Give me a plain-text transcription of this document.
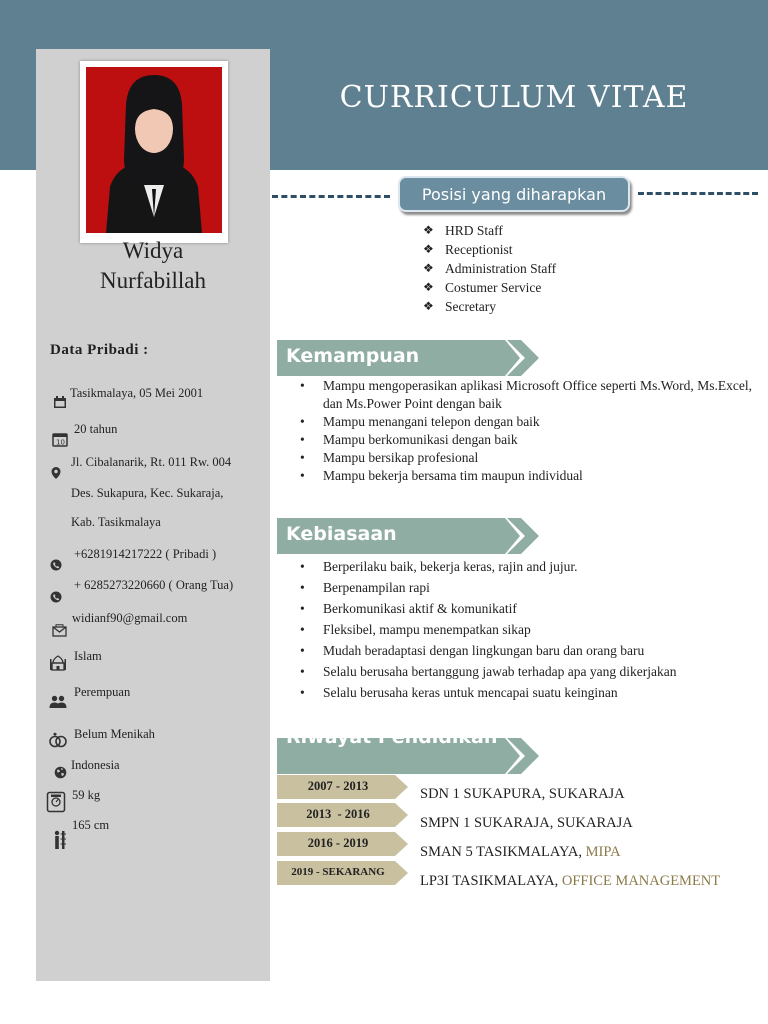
CURRICULUM VITAE
Widya
Nurfabillah
Data Pribadi :
Tasikmalaya, 05 Mei 2001
10
20 tahun
Jl. Cibalanarik, Rt. 011 Rw. 004
Des. Sukapura, Kec. Sukaraja,
Kab. Tasikmalaya
+6281914217222 ( Pribadi )
+ 6285273220660 ( Orang Tua)
widianf90@gmail.com
Islam
Perempuan
Belum Menikah
Indonesia
59 kg
165 cm
Posisi yang diharapkan
❖ HRD Staff
❖ Receptionist
❖ Administration Staff
❖ Costumer Service
❖ Secretary
Kemampuan
• Mampu mengoperasikan aplikasi Microsoft Office seperti Ms.Word, Ms.Excel, dan Ms.Power Point dengan baik
• Mampu menangani telepon dengan baik
• Mampu berkomunikasi dengan baik
• Mampu bersikap profesional
• Mampu bekerja bersama tim maupun individual
Kebiasaan
• Berperilaku baik, bekerja keras, rajin and jujur.
• Berpenampilan rapi
• Berkomunikasi aktif & komunikatif
• Fleksibel, mampu menempatkan sikap
• Mudah beradaptasi dengan lingkungan baru dan orang baru
• Selalu berusaha bertanggung jawab terhadap apa yang dikerjakan
• Selalu berusaha keras untuk mencapai suatu keinginan
Riwayat Pendidikan
2007 - 2013	SDN 1 SUKAPURA, SUKARAJA
2013  - 2016
SMPN 1 SUKARAJA, SUKARAJA
2016 - 2019
SMAN 5 TASIKMALAYA, MIPA
2019 - SEKARANG
LP3I TASIKMALAYA, OFFICE MANAGEMENT
